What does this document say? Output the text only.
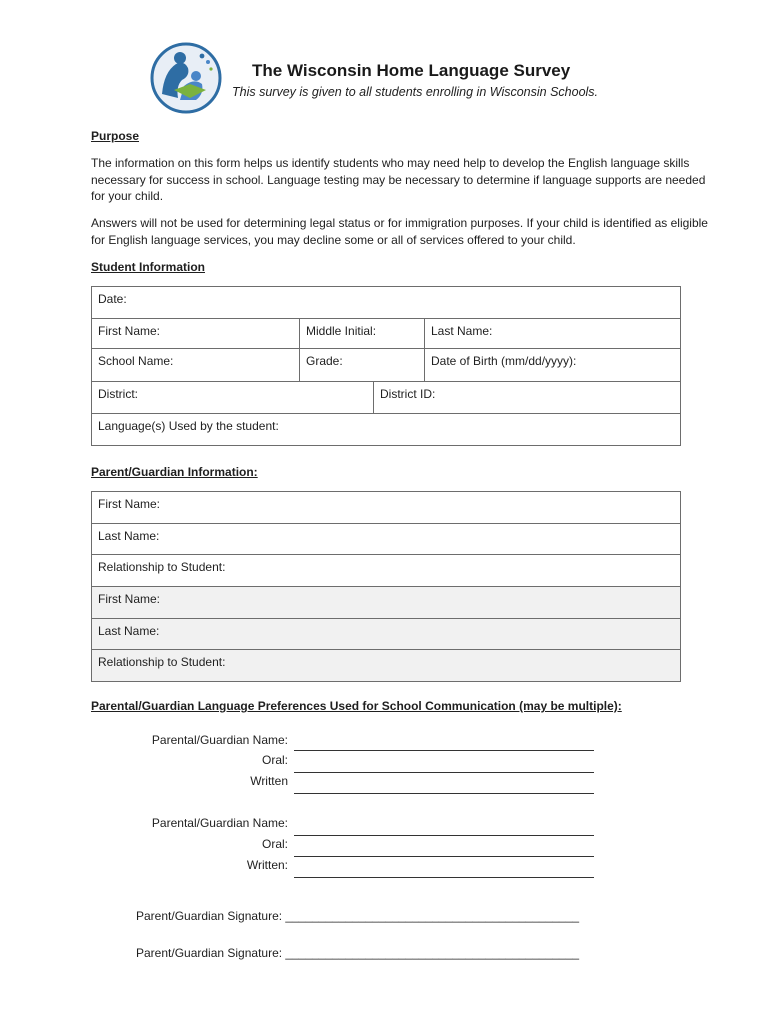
The Wisconsin Home Language Survey
This survey is given to all students enrolling in Wisconsin Schools.
Purpose

The information on this form helps us identify students who may need help to develop the English language skills necessary for success in school. Language testing may be necessary to determine if language supports are needed for your child.

Answers will not be used for determining legal status or for immigration purposes. If your child is identified as eligible for English language services, you may decline some or all of services offered to your child.

Student Information
Date:			
First Name:	Middle Initial:		Last Name:
School Name:	Grade:		Date of Birth (mm/dd/yyyy):
District:		District ID:	
Language(s) Used by the student:			
Parent/Guardian Information:
First Name:
Last Name:
Relationship to Student:
First Name:
Last Name:
Relationship to Student:
Parental/Guardian Language Preferences Used for School Communication (may be multiple):
Parental/Guardian Name:
Oral:
Written
Parental/Guardian Name:
Oral:
Written:
Parent/Guardian Signature: ____________________________________________
Parent/Guardian Signature: ____________________________________________
